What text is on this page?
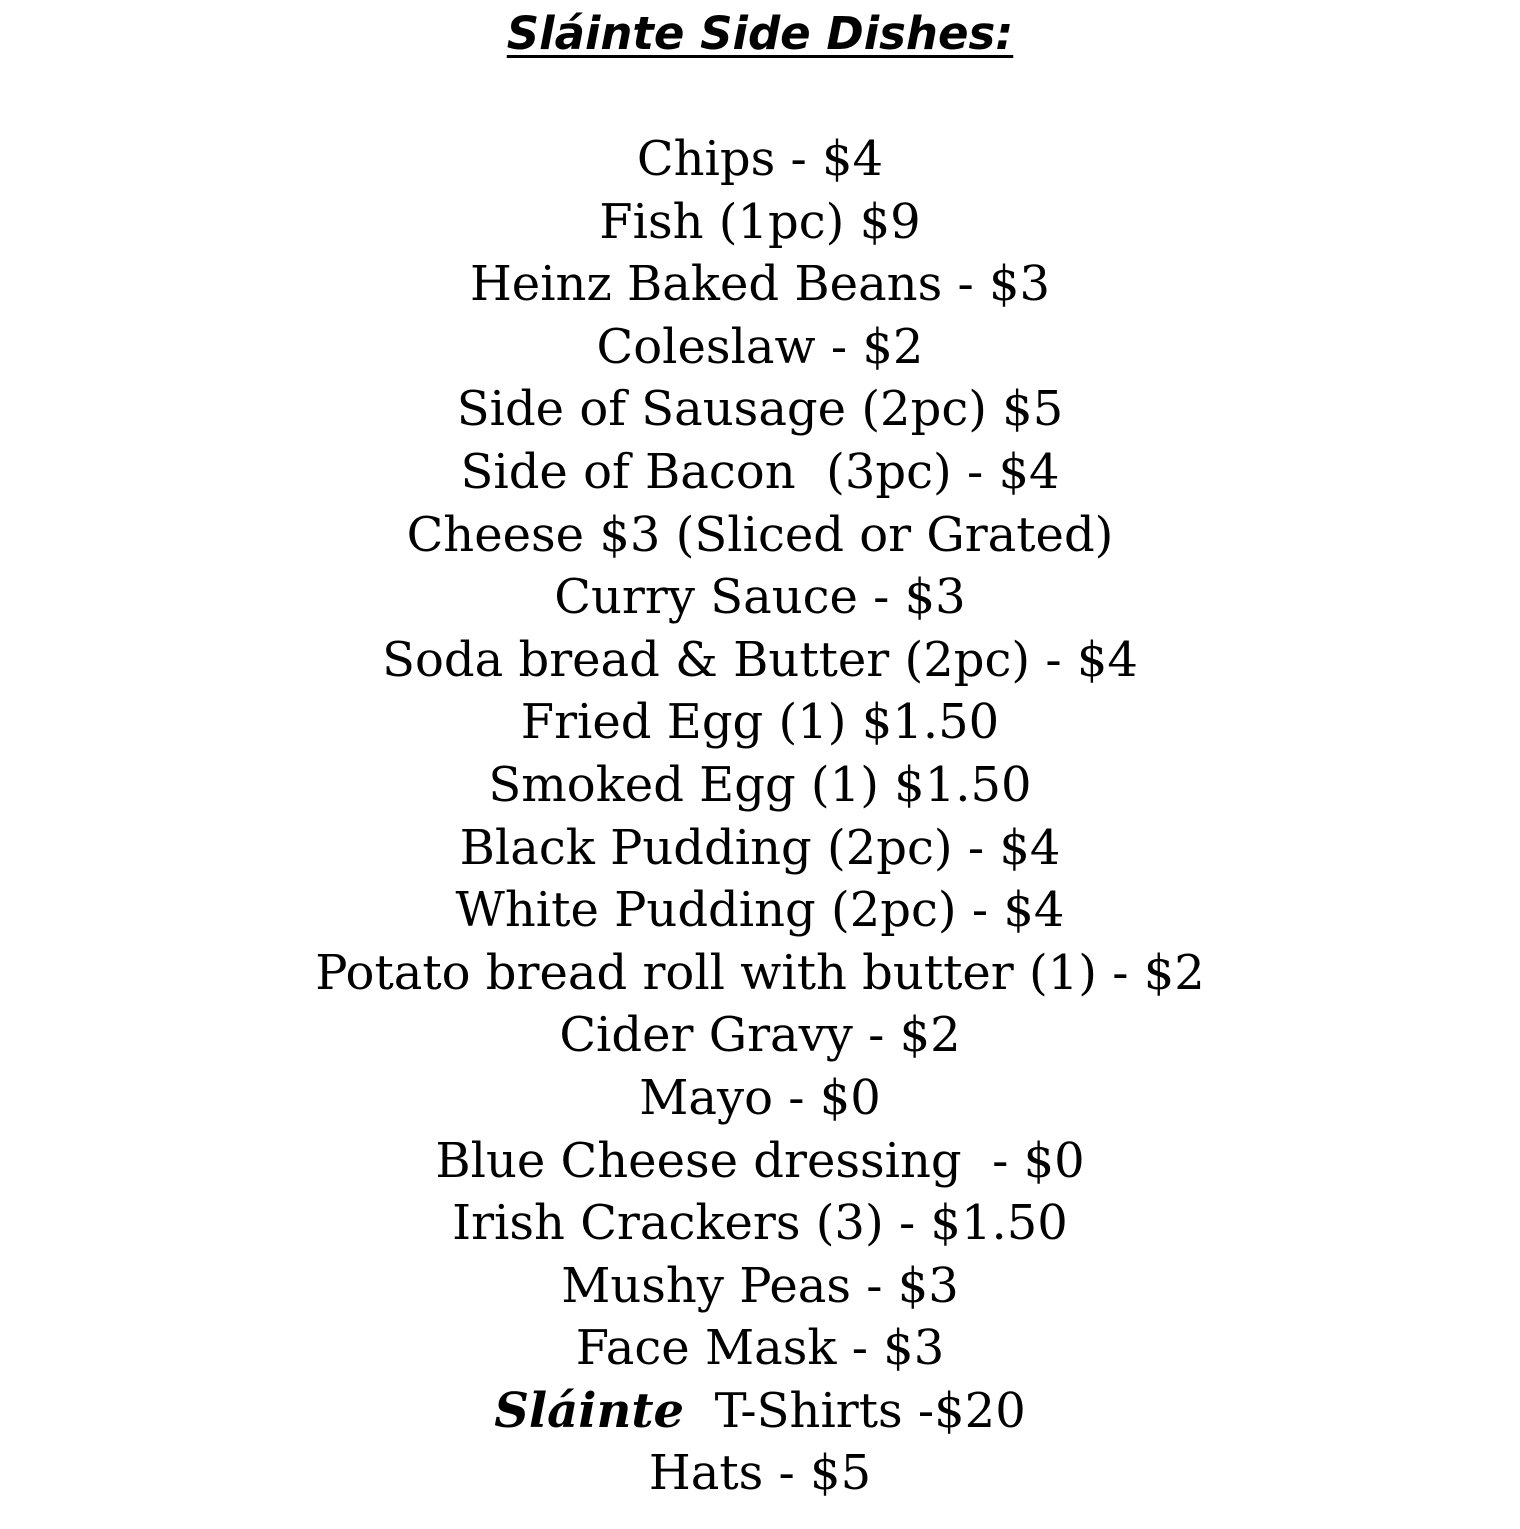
Sláinte Side Dishes:
Chips - $4
Fish (1pc) $9
Heinz Baked Beans - $3
Coleslaw - $2
Side of Sausage (2pc) $5
Side of Bacon  (3pc) - $4
Cheese $3 (Sliced or Grated)
Curry Sauce - $3
Soda bread & Butter (2pc) - $4
Fried Egg (1) $1.50
Smoked Egg (1) $1.50
Black Pudding (2pc) - $4
White Pudding (2pc) - $4
Potato bread roll with butter (1) - $2
Cider Gravy - $2
Mayo - $0
Blue Cheese dressing  - $0
Irish Crackers (3) - $1.50
Mushy Peas - $3
Face Mask - $3
Sláinte  T-Shirts -$20
Hats - $5
